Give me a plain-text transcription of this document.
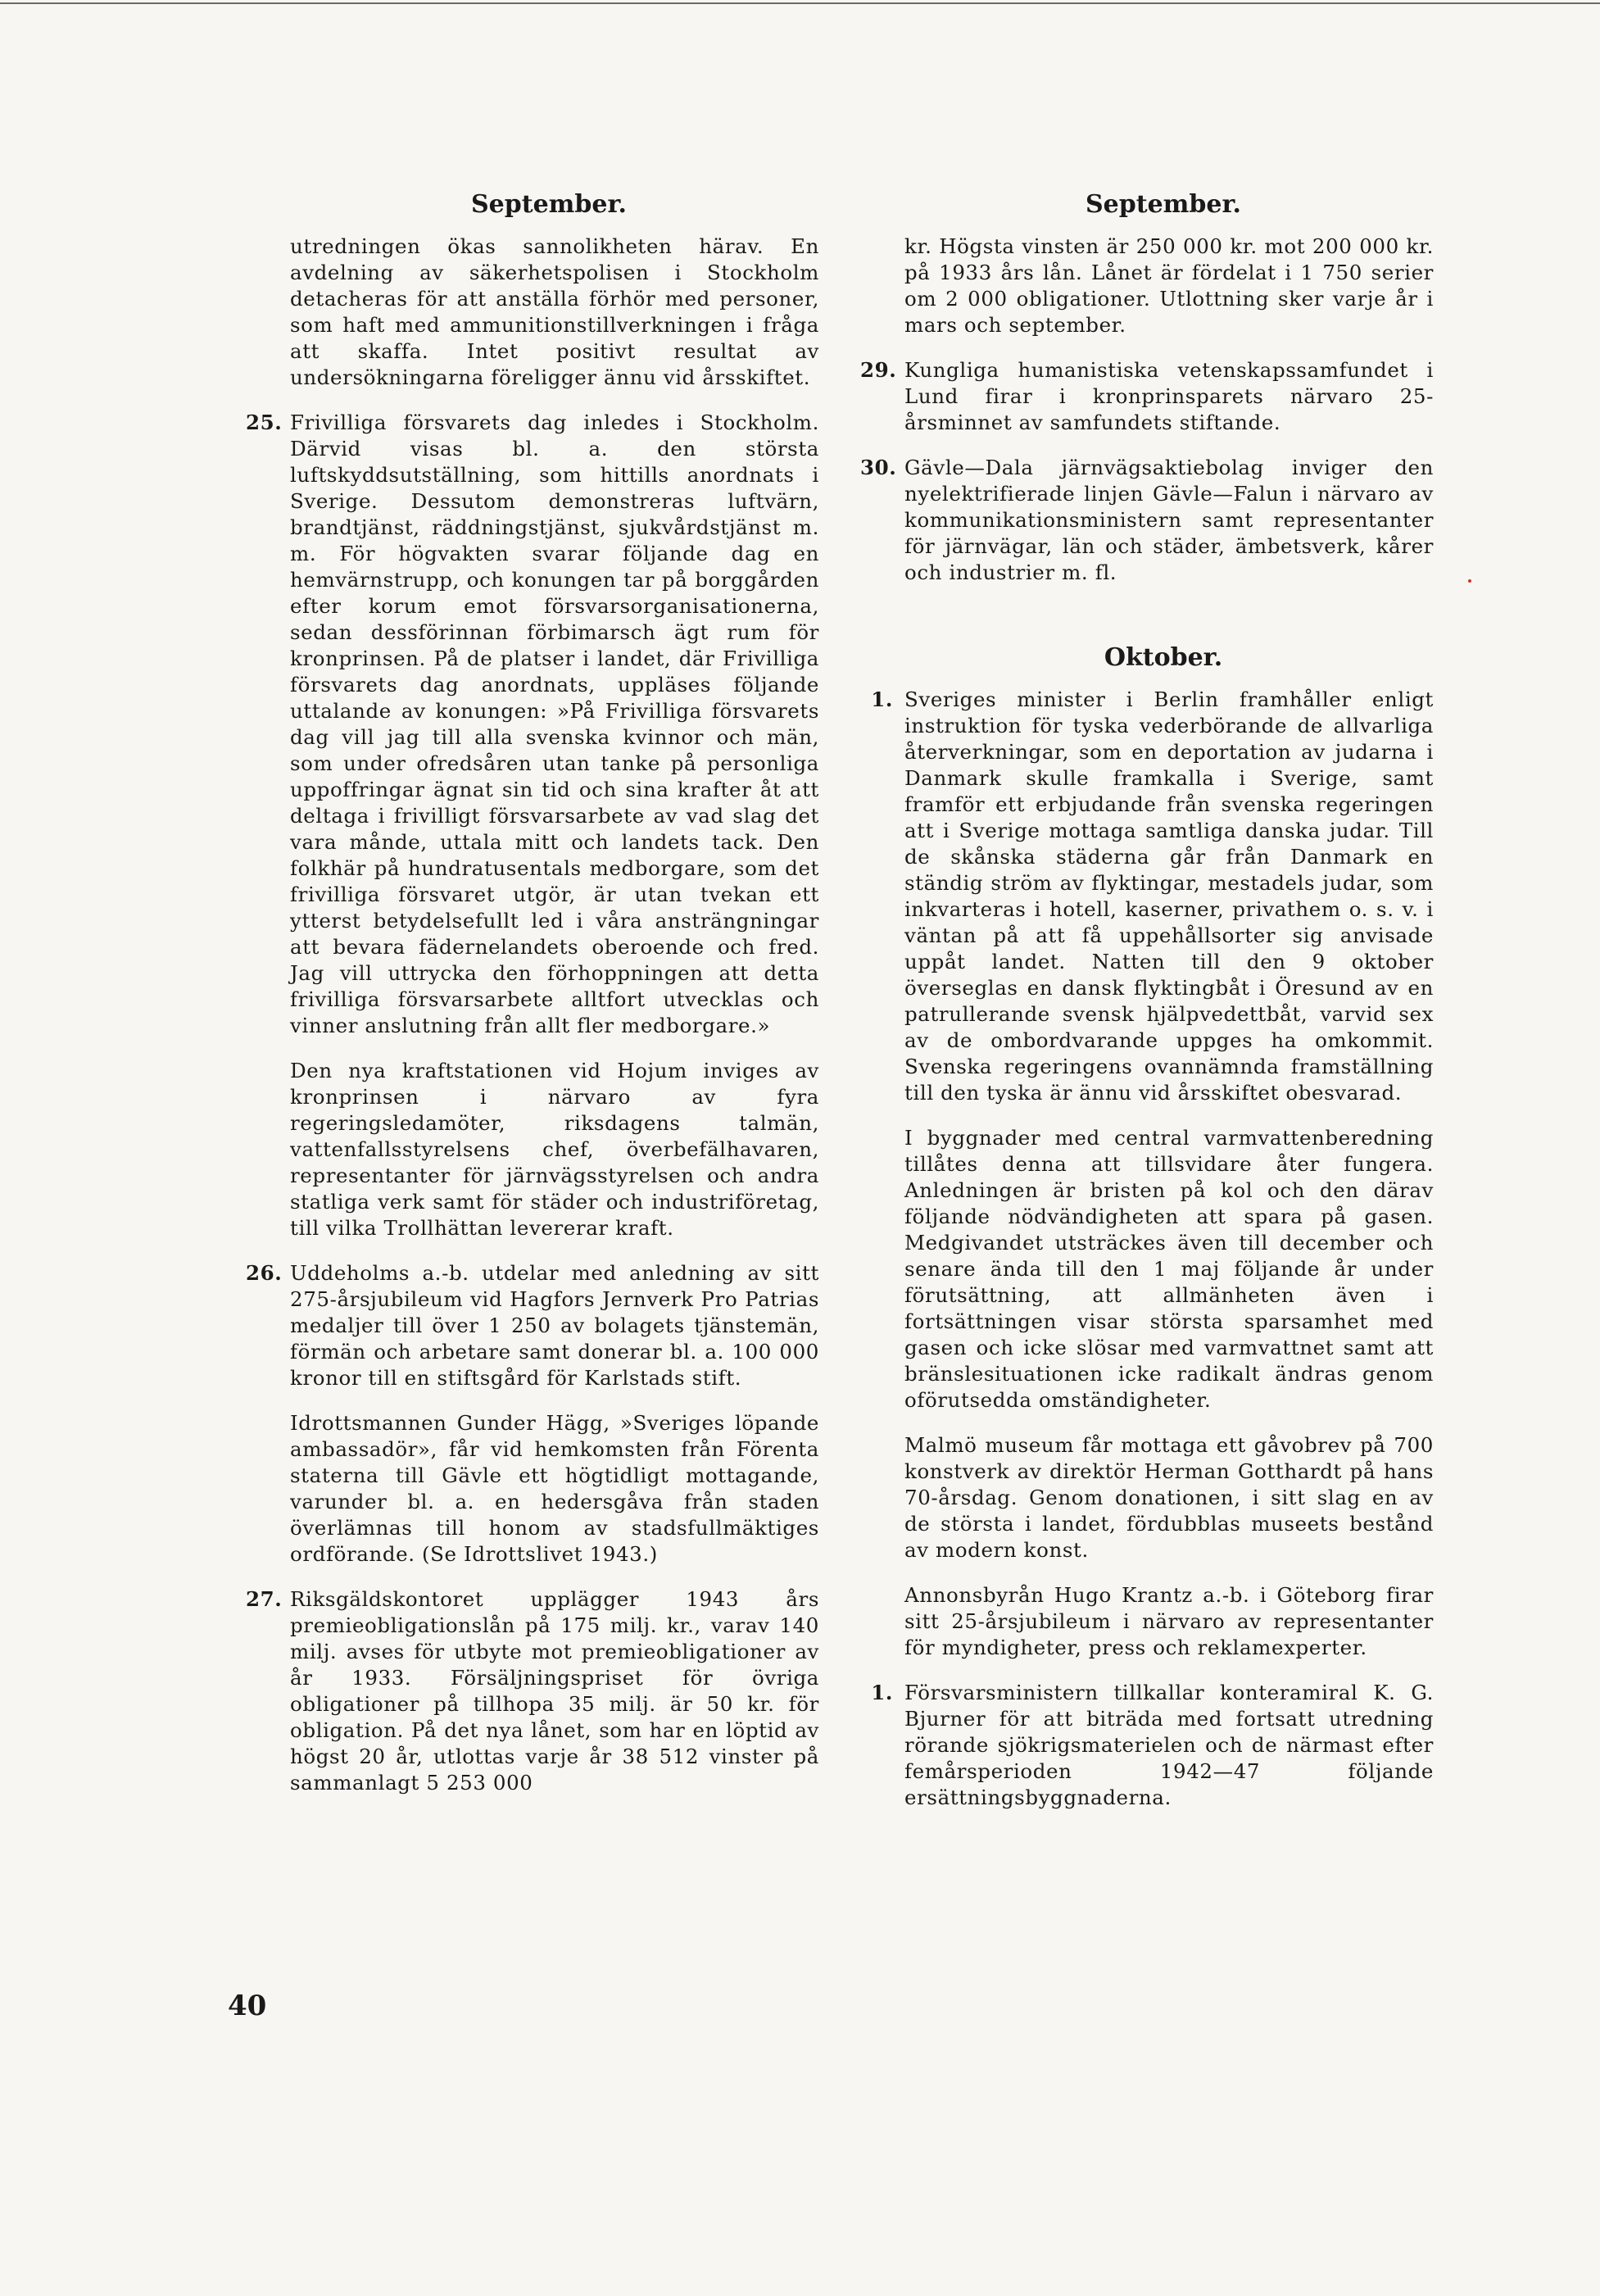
September.
utredningen ökas sannolikheten härav. En avdelning av säkerhetspolisen i Stockholm detacheras för att anställa förhör med personer, som haft med ammunitionstillverkningen i fråga att skaffa. Intet positivt resultat av undersökningarna föreligger ännu vid årsskiftet.
25. Frivilliga försvarets dag inledes i Stockholm. Därvid visas bl. a. den största luftskyddsutställning, som hittills anordnats i Sverige. Dessutom demonstreras luftvärn, brandtjänst, räddningstjänst, sjukvårdstjänst m. m. För högvakten svarar följande dag en hemvärnstrupp, och konungen tar på borggården efter korum emot försvarsorganisationerna, sedan dessförinnan förbimarsch ägt rum för kronprinsen. På de platser i landet, där Frivilliga försvarets dag anordnats, uppläses följande uttalande av konungen: »På Frivilliga försvarets dag vill jag till alla svenska kvinnor och män, som under ofredsåren utan tanke på personliga uppoffringar ägnat sin tid och sina krafter åt att deltaga i frivilligt försvarsarbete av vad slag det vara månde, uttala mitt och landets tack. Den folkhär på hundratusentals medborgare, som det frivilliga försvaret utgör, är utan tvekan ett ytterst betydelsefullt led i våra ansträngningar att bevara fädernelandets oberoende och fred. Jag vill uttrycka den förhoppningen att detta frivilliga försvarsarbete alltfort utvecklas och vinner anslutning från allt fler medborgare.»
Den nya kraftstationen vid Hojum inviges av kronprinsen i närvaro av fyra regeringsledamöter, riksdagens talmän, vattenfallsstyrelsens chef, överbefälhavaren, representanter för järnvägsstyrelsen och andra statliga verk samt för städer och industriföretag, till vilka Trollhättan levererar kraft.
26. Uddeholms a.-b. utdelar med anledning av sitt 275-årsjubileum vid Hagfors Jernverk Pro Patrias medaljer till över 1 250 av bolagets tjänstemän, förmän och arbetare samt donerar bl. a. 100 000 kronor till en stiftsgård för Karlstads stift.
Idrottsmannen Gunder Hägg, »Sveriges löpande ambassadör», får vid hemkomsten från Förenta staterna till Gävle ett högtidligt mottagande, varunder bl. a. en hedersgåva från staden överlämnas till honom av stadsfullmäktiges ordförande. (Se Idrottslivet 1943.)
27. Riksgäldskontoret upplägger 1943 års premieobligationslån på 175 milj. kr., varav 140 milj. avses för utbyte mot premieobligationer av år 1933. Försäljningspriset för övriga obligationer på tillhopa 35 milj. är 50 kr. för obligation. På det nya lånet, som har en löptid av högst 20 år, utlottas varje år 38 512 vinster på sammanlagt 5 253 000
September.
kr. Högsta vinsten är 250 000 kr. mot 200 000 kr. på 1933 års lån. Lånet är fördelat i 1 750 serier om 2 000 obligationer. Utlottning sker varje år i mars och september.
29. Kungliga humanistiska vetenskapssamfundet i Lund firar i kronprinsparets närvaro 25-årsminnet av samfundets stiftande.
30. Gävle—Dala järnvägsaktiebolag inviger den nyelektrifierade linjen Gävle—Falun i närvaro av kommunikationsministern samt representanter för järnvägar, län och städer, ämbetsverk, kårer och industrier m. fl.
Oktober.
1. Sveriges minister i Berlin framhåller enligt instruktion för tyska vederbörande de allvarliga återverkningar, som en deportation av judarna i Danmark skulle framkalla i Sverige, samt framför ett erbjudande från svenska regeringen att i Sverige mottaga samtliga danska judar. Till de skånska städerna går från Danmark en ständig ström av flyktingar, mestadels judar, som inkvarteras i hotell, kaserner, privathem o. s. v. i väntan på att få uppehållsorter sig anvisade uppåt landet. Natten till den 9 oktober överseglas en dansk flyktingbåt i Öresund av en patrullerande svensk hjälpvedettbåt, varvid sex av de ombordvarande uppges ha omkommit. Svenska regeringens ovannämnda framställning till den tyska är ännu vid årsskiftet obesvarad.
I byggnader med central varmvattenberedning tillåtes denna att tillsvidare åter fungera. Anledningen är bristen på kol och den därav följande nödvändigheten att spara på gasen. Medgivandet utsträckes även till december och senare ända till den 1 maj följande år under förutsättning, att allmänheten även i fortsättningen visar största sparsamhet med gasen och icke slösar med varmvattnet samt att bränslesituationen icke radikalt ändras genom oförutsedda omständigheter.
Malmö museum får mottaga ett gåvobrev på 700 konstverk av direktör Herman Gotthardt på hans 70-årsdag. Genom donationen, i sitt slag en av de största i landet, fördubblas museets bestånd av modern konst.
Annonsbyrån Hugo Krantz a.-b. i Göteborg firar sitt 25-årsjubileum i närvaro av representanter för myndigheter, press och reklamexperter.
1. Försvarsministern tillkallar konteramiral K. G. Bjurner för att biträda med fortsatt utredning rörande sjökrigsmaterielen och de närmast efter femårsperioden 1942—47 följande ersättningsbyggnaderna.
40
